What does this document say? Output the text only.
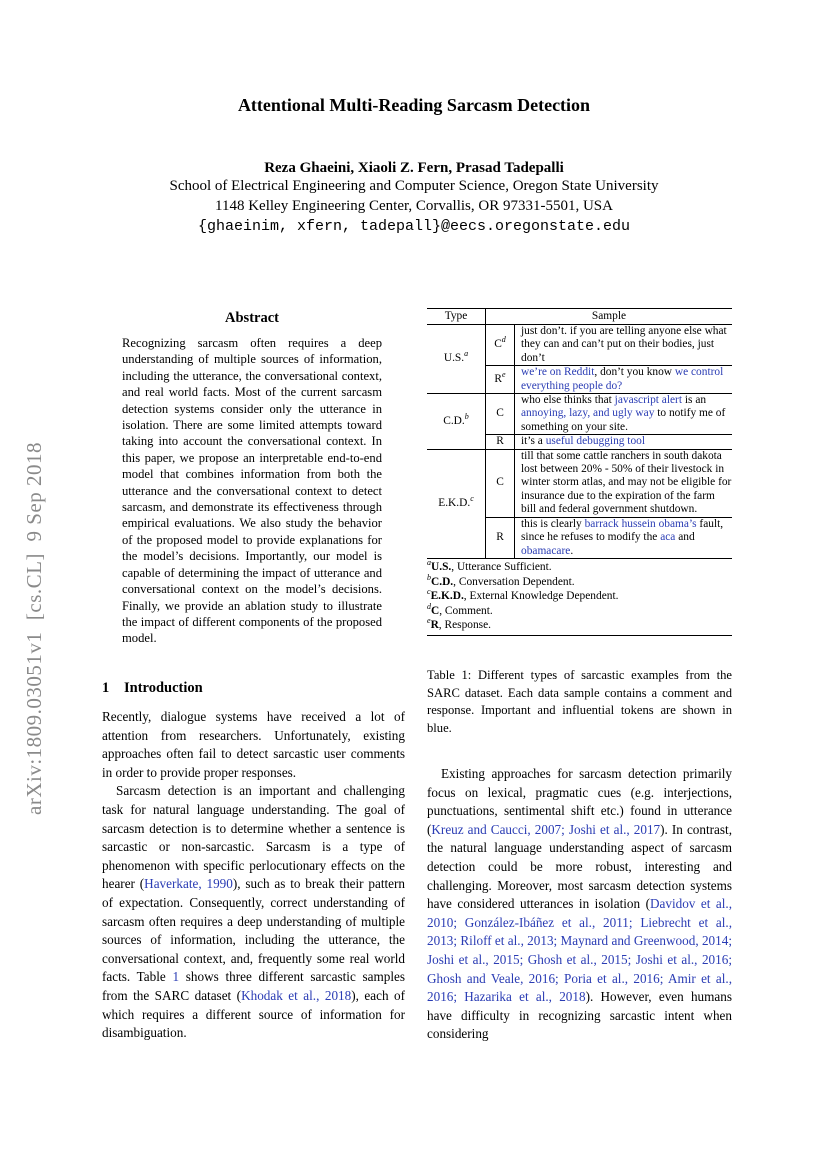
Attentional Multi-Reading Sarcasm Detection
Reza Ghaeini, Xiaoli Z. Fern, Prasad Tadepalli
School of Electrical Engineering and Computer Science, Oregon State University
1148 Kelley Engineering Center, Corvallis, OR 97331-5501, USA
{ghaeinim, xfern, tadepall}@eecs.oregonstate.edu
arXiv:1809.03051v1  [cs.CL]  9 Sep 2018
Abstract
Recognizing sarcasm often requires a deep understanding of multiple sources of information, including the utterance, the conversational context, and real world facts. Most of the current sarcasm detection systems consider only the utterance in isolation. There are some limited attempts toward taking into account the conversational context. In this paper, we propose an interpretable end-to-end model that combines information from both the utterance and the conversational context to detect sarcasm, and demonstrate its effectiveness through empirical evaluations. We also study the behavior of the proposed model to provide explanations for the model’s decisions. Importantly, our model is capable of determining the impact of utterance and conversational context on the model’s decisions. Finally, we provide an ablation study to illustrate the impact of different components of the proposed model.
1 Introduction

Recently, dialogue systems have received a lot of attention from researchers. Unfortunately, existing approaches often fail to detect sarcastic user comments in order to provide proper responses.

Sarcasm detection is an important and challenging task for natural language understanding. The goal of sarcasm detection is to determine whether a sentence is sarcastic or non-sarcastic. Sarcasm is a type of phenomenon with specific perlocutionary effects on the hearer (Haverkate, 1990), such as to break their pattern of expectation. Consequently, correct understanding of sarcasm often requires a deep understanding of multiple sources of information, including the utterance, the conversational context, and, frequently some real world facts. Table 1 shows three different sarcastic samples from the SARC dataset (Khodak et al., 2018), each of which requires a different source of information for disambiguation.

Type	Sample	
U.S.$^a$	$C^d$	just don’t. if you are telling anyone else what they can and can’t put on their bodies, just don’t
	$R^e$	we’re on Reddit, don’t you know we control everything people do?
C.D.$^b$	C	who else thinks that javascript alert is an annoying, lazy, and ugly way to notify me of something on your site.
	R	it’s a useful debugging tool
E.K.D.$^c$	C	till that some cattle ranchers in south dakota lost between 20% - 50% of their livestock in winter storm atlas, and may not be eligible for insurance due to the expiration of the farm bill and federal government shutdown.
	R	this is clearly barrack hussein obama’s fault, since he refuses to modify the aca and obamacare.
$^a$U.S., Utterance Sufficient.
$^b$C.D., Conversation Dependent.
$^c$E.K.D., External Knowledge Dependent.
$^d$C, Comment.
$^e$R, Response.
Table 1: Different types of sarcastic examples from the SARC dataset. Each data sample contains a comment and response. Important and influential tokens are shown in blue.

Existing approaches for sarcasm detection primarily focus on lexical, pragmatic cues (e.g. interjections, punctuations, sentimental shift etc.) found in utterance (Kreuz and Caucci, 2007; Joshi et al., 2017). In contrast, the natural language understanding aspect of sarcasm detection could be more robust, interesting and challenging. Moreover, most sarcasm detection systems have considered utterances in isolation (Davidov et al., 2010; González-Ibáñez et al., 2011; Liebrecht et al., 2013; Riloff et al., 2013; Maynard and Greenwood, 2014; Joshi et al., 2015; Ghosh et al., 2015; Joshi et al., 2016; Ghosh and Veale, 2016; Poria et al., 2016; Amir et al., 2016; Hazarika et al., 2018). However, even humans have difficulty in recognizing sarcastic intent when considering
